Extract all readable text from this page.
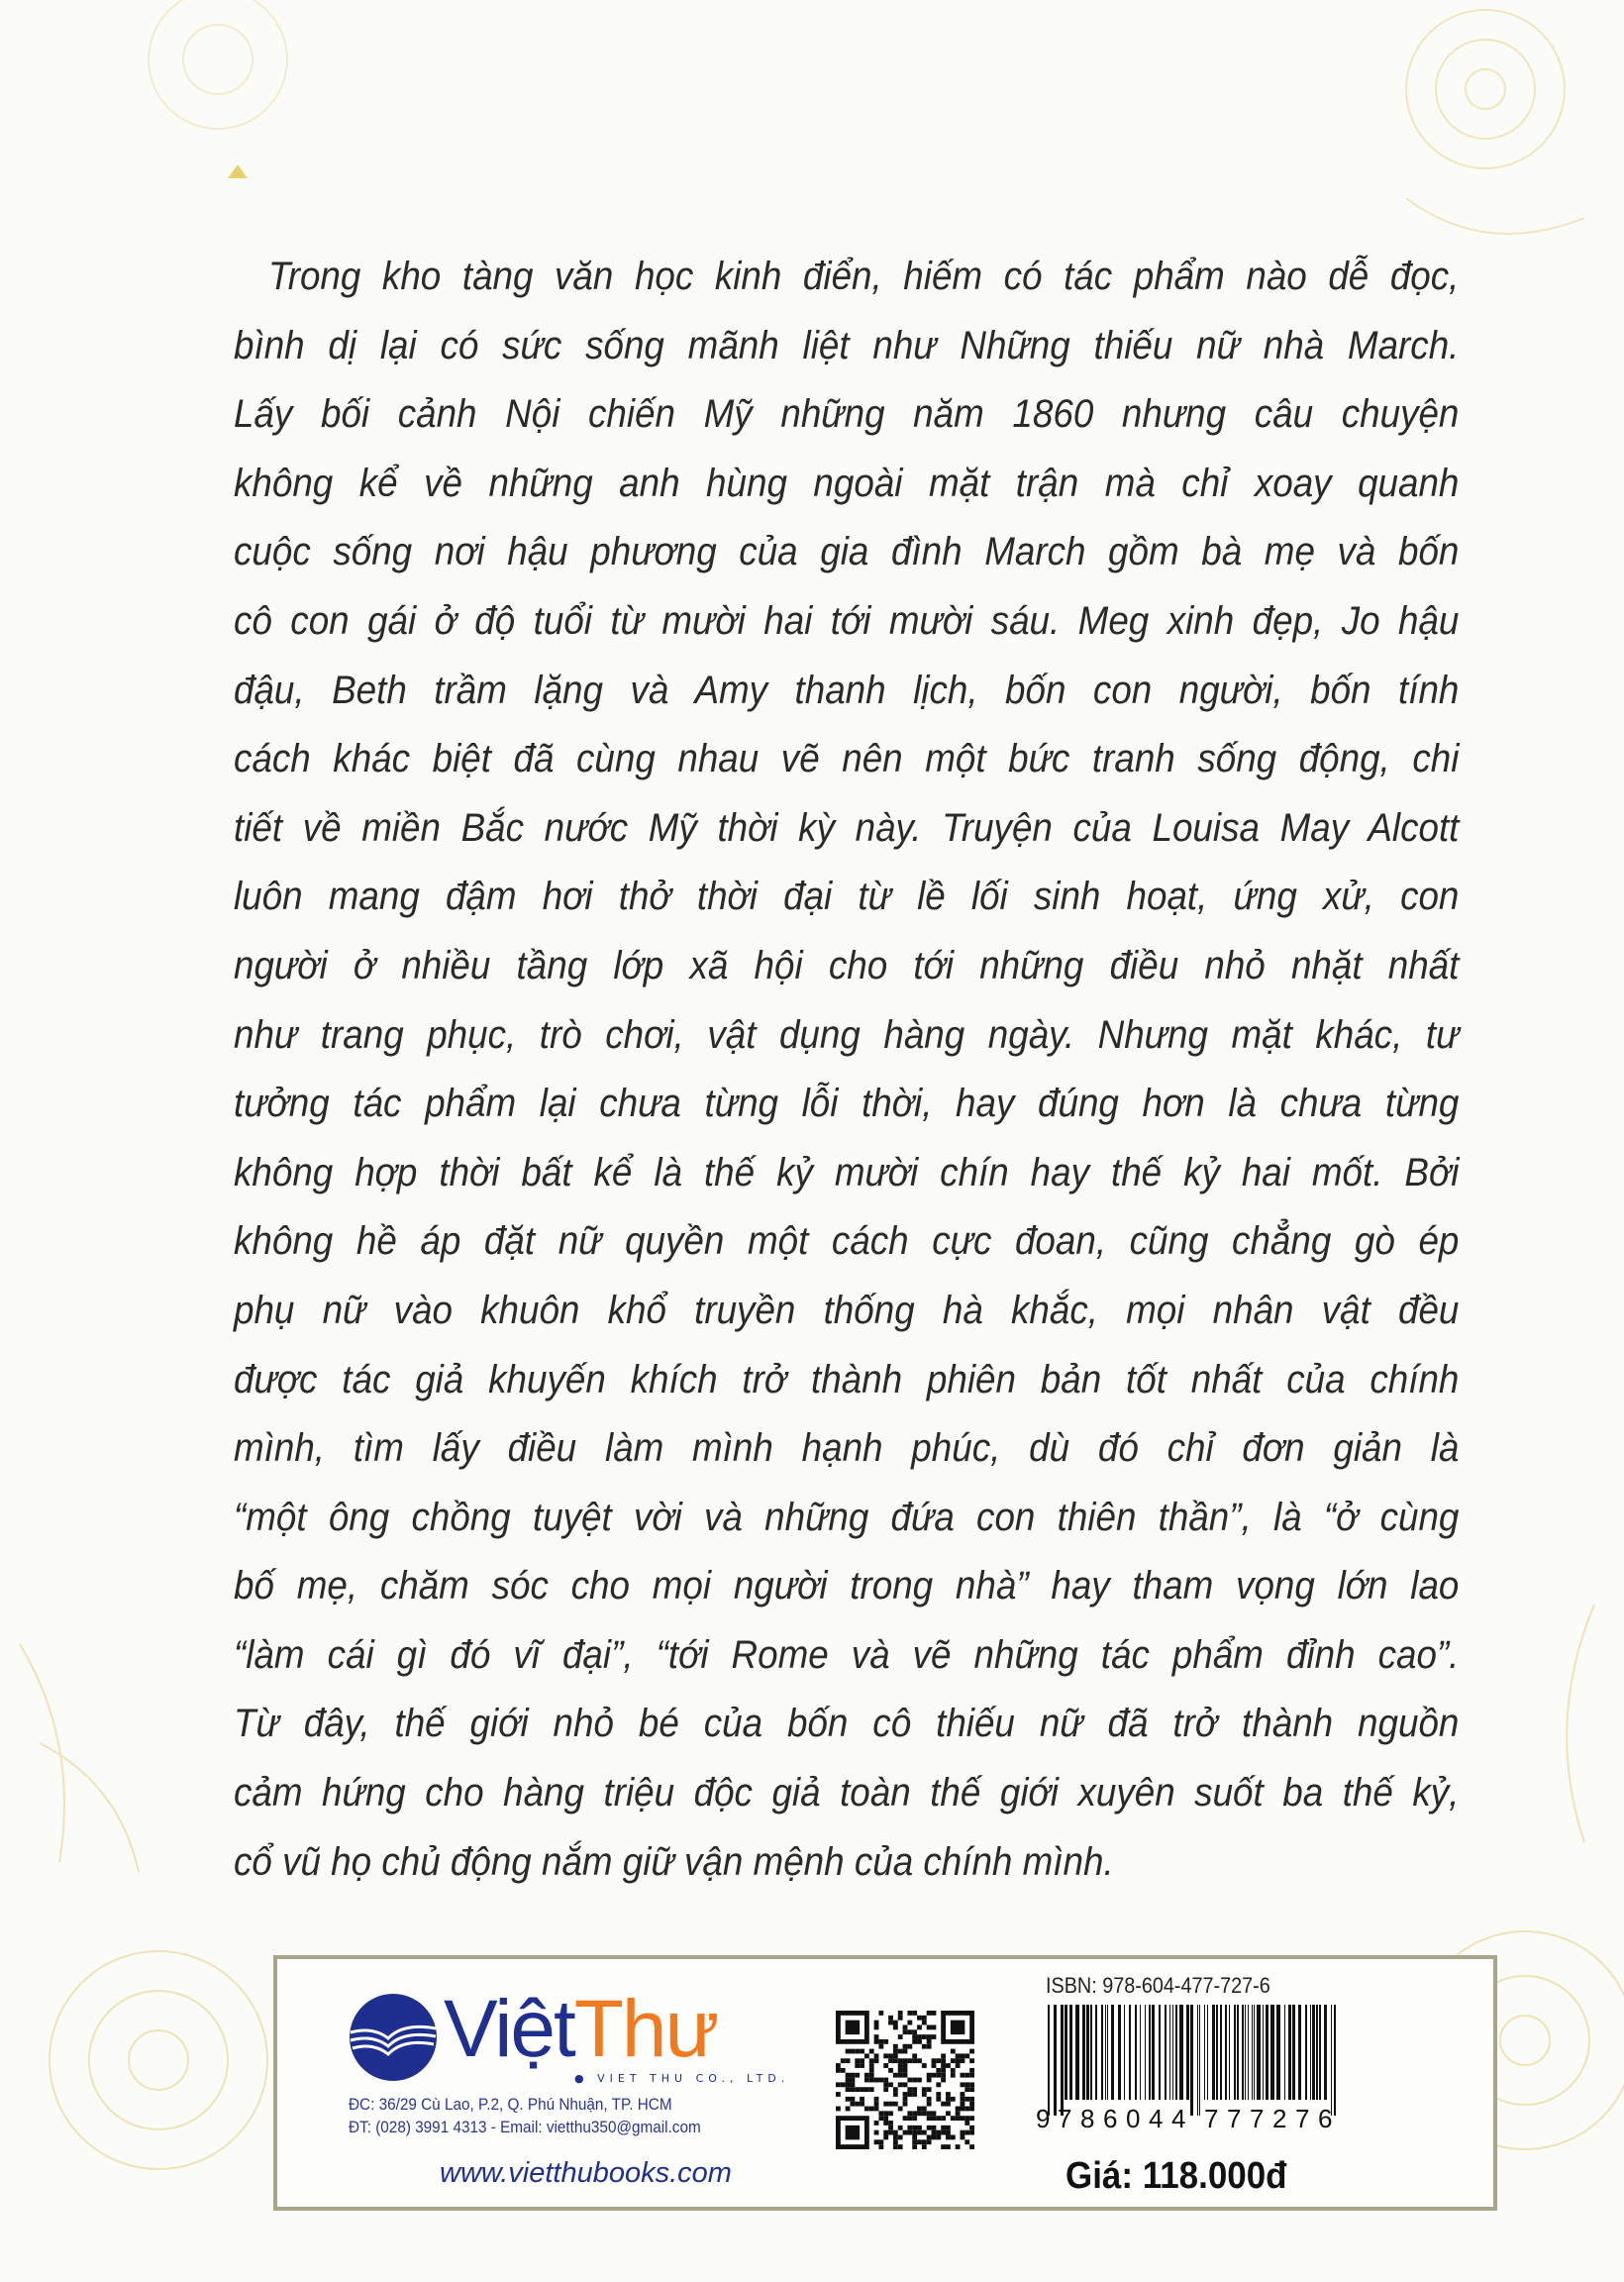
Trong kho tàng văn học kinh điển, hiếm có tác phẩm nào dễ đọc,
bình dị lại có sức sống mãnh liệt như Những thiếu nữ nhà March.
Lấy bối cảnh Nội chiến Mỹ những năm 1860 nhưng câu chuyện
không kể về những anh hùng ngoài mặt trận mà chỉ xoay quanh
cuộc sống nơi hậu phương của gia đình March gồm bà mẹ và bốn
cô con gái ở độ tuổi từ mười hai tới mười sáu. Meg xinh đẹp, Jo hậu
đậu, Beth trầm lặng và Amy thanh lịch, bốn con người, bốn tính
cách khác biệt đã cùng nhau vẽ nên một bức tranh sống động, chi
tiết về miền Bắc nước Mỹ thời kỳ này. Truyện của Louisa May Alcott
luôn mang đậm hơi thở thời đại từ lề lối sinh hoạt, ứng xử, con
người ở nhiều tầng lớp xã hội cho tới những điều nhỏ nhặt nhất
như trang phục, trò chơi, vật dụng hàng ngày. Nhưng mặt khác, tư
tưởng tác phẩm lại chưa từng lỗi thời, hay đúng hơn là chưa từng
không hợp thời bất kể là thế kỷ mười chín hay thế kỷ hai mốt. Bởi
không hề áp đặt nữ quyền một cách cực đoan, cũng chẳng gò ép
phụ nữ vào khuôn khổ truyền thống hà khắc, mọi nhân vật đều
được tác giả khuyến khích trở thành phiên bản tốt nhất của chính
mình, tìm lấy điều làm mình hạnh phúc, dù đó chỉ đơn giản là
“một ông chồng tuyệt vời và những đứa con thiên thần”, là “ở cùng
bố mẹ, chăm sóc cho mọi người trong nhà” hay tham vọng lớn lao
“làm cái gì đó vĩ đại”, “tới Rome và vẽ những tác phẩm đỉnh cao”.
Từ đây, thế giới nhỏ bé của bốn cô thiếu nữ đã trở thành nguồn
cảm hứng cho hàng triệu độc giả toàn thế giới xuyên suốt ba thế kỷ,
cổ vũ họ chủ động nắm giữ vận mệnh của chính mình.
ViệtThư
● VIET THU CO., LTD.
ĐC: 36/29 Cù Lao, P.2, Q. Phú Nhuận, TP. HCM
ĐT: (028) 3991 4313 - Email: vietthu350@gmail.com
www.vietthubooks.com
ISBN: 978-604-477-727-6
9 7 8 6 0 4 4 7 7 7 2 7 6
Giá: 118.000đ
